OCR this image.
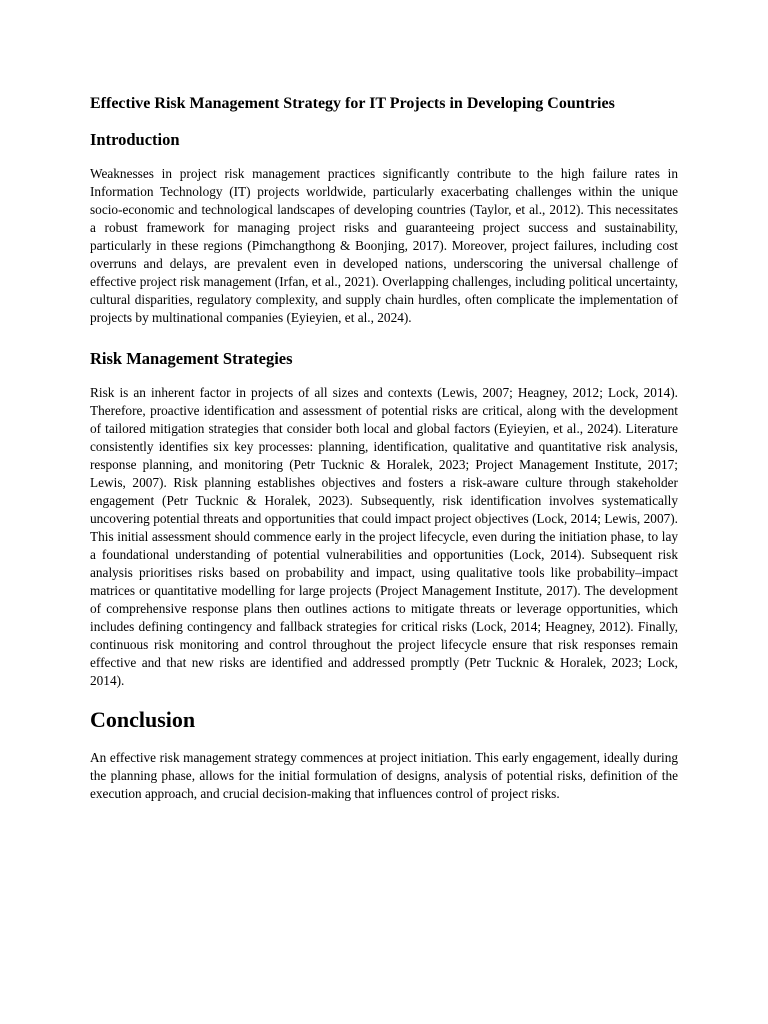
Effective Risk Management Strategy for IT Projects in Developing Countries
Introduction

Weaknesses in project risk management practices significantly contribute to the high failure rates in Information Technology (IT) projects worldwide, particularly exacerbating challenges within the unique socio-economic and technological landscapes of developing countries (Taylor, et al., 2012). This necessitates a robust framework for managing project risks and guaranteeing project success and sustainability, particularly in these regions (Pimchangthong & Boonjing, 2017). Moreover, project failures, including cost overruns and delays, are prevalent even in developed nations, underscoring the universal challenge of effective project risk management (Irfan, et al., 2021). Overlapping challenges, including political uncertainty, cultural disparities, regulatory complexity, and supply chain hurdles, often complicate the implementation of projects by multinational companies (Eyieyien, et al., 2024).

Risk Management Strategies

Risk is an inherent factor in projects of all sizes and contexts (Lewis, 2007; Heagney, 2012; Lock, 2014). Therefore, proactive identification and assessment of potential risks are critical, along with the development of tailored mitigation strategies that consider both local and global factors (Eyieyien, et al., 2024). Literature consistently identifies six key processes: planning, identification, qualitative and quantitative risk analysis, response planning, and monitoring (Petr Tucknic & Horalek, 2023; Project Management Institute, 2017; Lewis, 2007). Risk planning establishes objectives and fosters a risk-aware culture through stakeholder engagement (Petr Tucknic & Horalek, 2023). Subsequently, risk identification involves systematically uncovering potential threats and opportunities that could impact project objectives (Lock, 2014; Lewis, 2007). This initial assessment should commence early in the project lifecycle, even during the initiation phase, to lay a foundational understanding of potential vulnerabilities and opportunities (Lock, 2014). Subsequent risk analysis prioritises risks based on probability and impact, using qualitative tools like probability–impact matrices or quantitative modelling for large projects (Project Management Institute, 2017). The development of comprehensive response plans then outlines actions to mitigate threats or leverage opportunities, which includes defining contingency and fallback strategies for critical risks (Lock, 2014; Heagney, 2012). Finally, continuous risk monitoring and control throughout the project lifecycle ensure that risk responses remain effective and that new risks are identified and addressed promptly (Petr Tucknic & Horalek, 2023; Lock, 2014).

Conclusion

An effective risk management strategy commences at project initiation. This early engagement, ideally during the planning phase, allows for the initial formulation of designs, analysis of potential risks, definition of the execution approach, and crucial decision-making that influences control of project risks.
